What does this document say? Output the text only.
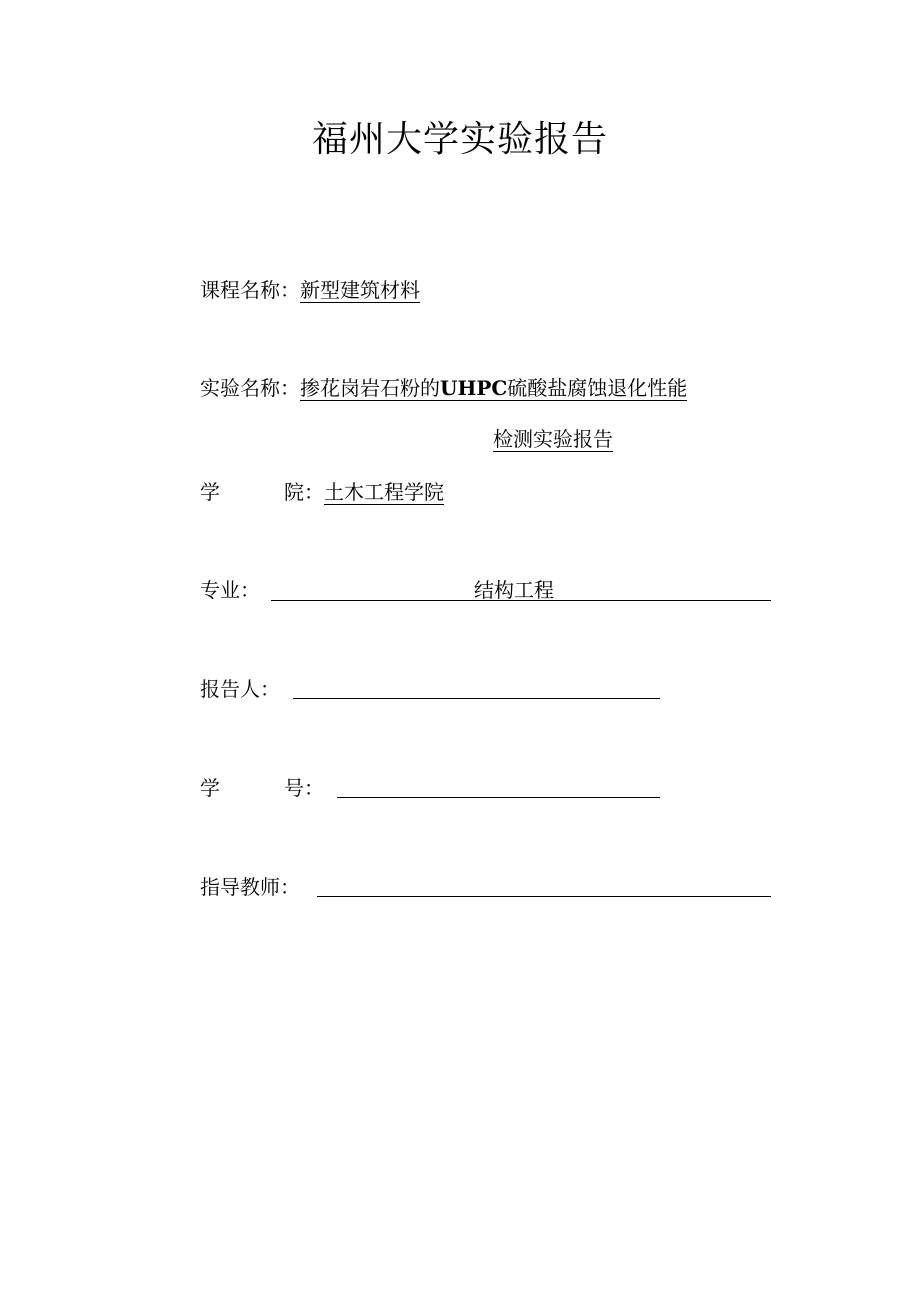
福州大学实验报告
课程名称：新型建筑材料
实验名称：掺花岗岩石粉的UHPC硫酸盐腐蚀退化性能
检测实验报告
学	院：土木工程学院
专业：	结构工程
报告人：
学	号：
指导教师：
